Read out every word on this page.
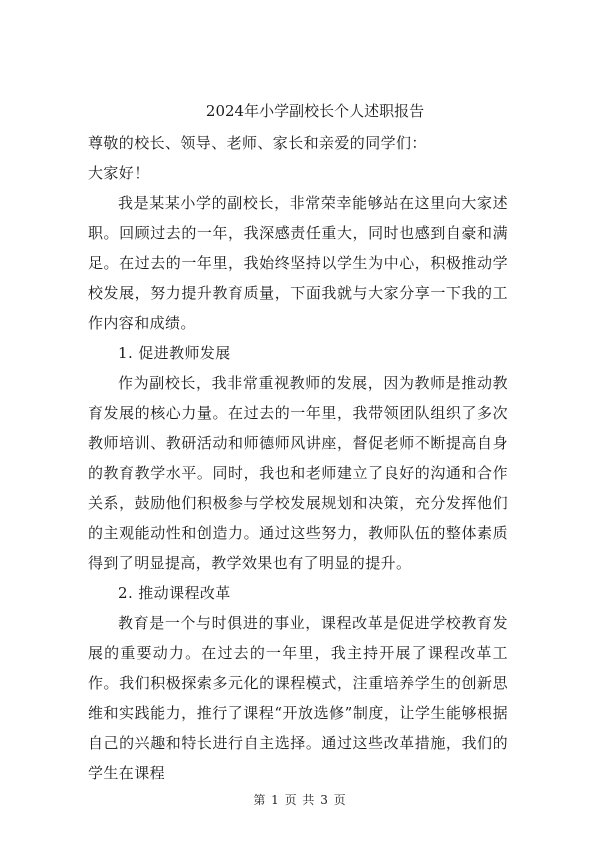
2024年小学副校长个人述职报告

尊敬的校长、领导、老师、家长和亲爱的同学们：

大家好！

我是某某小学的副校长，非常荣幸能够站在这里向大家述职。回顾过去的一年，我深感责任重大，同时也感到自豪和满足。在过去的一年里，我始终坚持以学生为中心，积极推动学校发展，努力提升教育质量，下面我就与大家分享一下我的工作内容和成绩。

1. 促进教师发展

作为副校长，我非常重视教师的发展，因为教师是推动教育发展的核心力量。在过去的一年里，我带领团队组织了多次教师培训、教研活动和师德师风讲座，督促老师不断提高自身的教育教学水平。同时，我也和老师建立了良好的沟通和合作关系，鼓励他们积极参与学校发展规划和决策，充分发挥他们的主观能动性和创造力。通过这些努力，教师队伍的整体素质得到了明显提高，教学效果也有了明显的提升。

2. 推动课程改革

教育是一个与时俱进的事业，课程改革是促进学校教育发展的重要动力。在过去的一年里，我主持开展了课程改革工作。我们积极探索多元化的课程模式，注重培养学生的创新思维和实践能力，推行了课程“开放选修”制度，让学生能够根据自己的兴趣和特长进行自主选择。通过这些改革措施，我们的学生在课程

第 1 页 共 3 页
